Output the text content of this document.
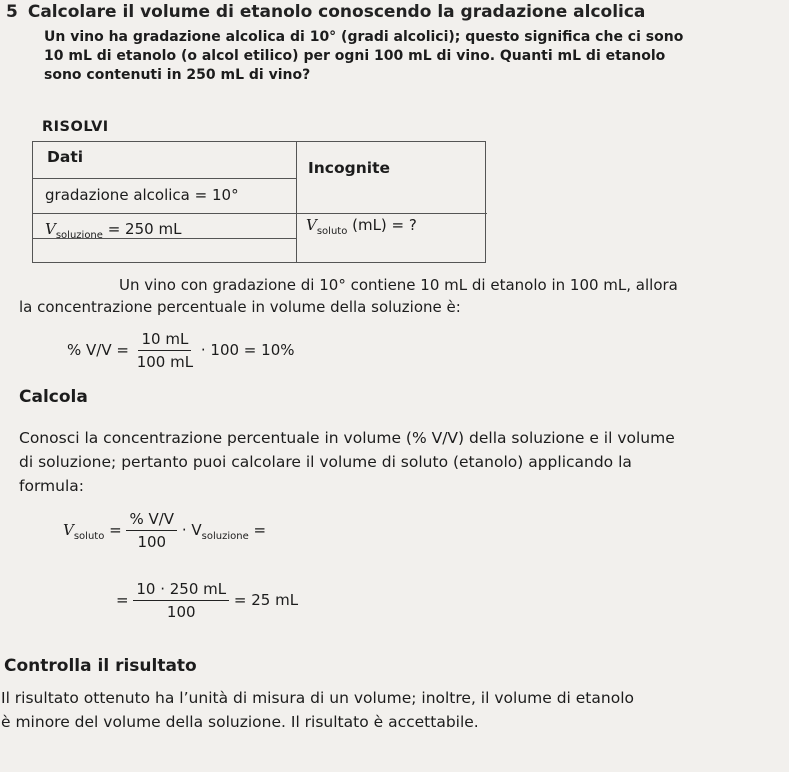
5 Calcolare il volume di etanolo conoscendo la gradazione alcolica
Un vino ha gradazione alcolica di 10° (gradi alcolici); questo significa che ci sono
10 mL di etanolo (o alcol etilico) per ogni 100 mL di vino. Quanti mL di etanolo
sono contenuti in 250 mL di vino?
RISOLVI
Dati
Incognite
gradazione alcolica = 10°
$V_{soluzione} = 250$ mL	$V_{soluto}$ (mL) = ?
Un vino con gradazione di 10° contiene 10 mL di etanolo in 100 mL, allora
la concentrazione percentuale in volume della soluzione è:
% $V/V = \frac{10 mL}{100 mL} \cdot 100 = 10\%$
Calcola
Conosci la concentrazione percentuale in volume (% V/V) della soluzione e il volume
di soluzione; pertanto puoi calcolare il volume di soluto (etanolo) applicando la
formula:
$V_{soluto} = \frac{\% V/V}{100} \cdot V_{soluzione}$ =
= $\frac{10 \cdot 250 mL}{100} = 25$ mL
Controlla il risultato
Il risultato ottenuto ha l’unità di misura di un volume; inoltre, il volume di etanolo
è minore del volume della soluzione. Il risultato è accettabile.
